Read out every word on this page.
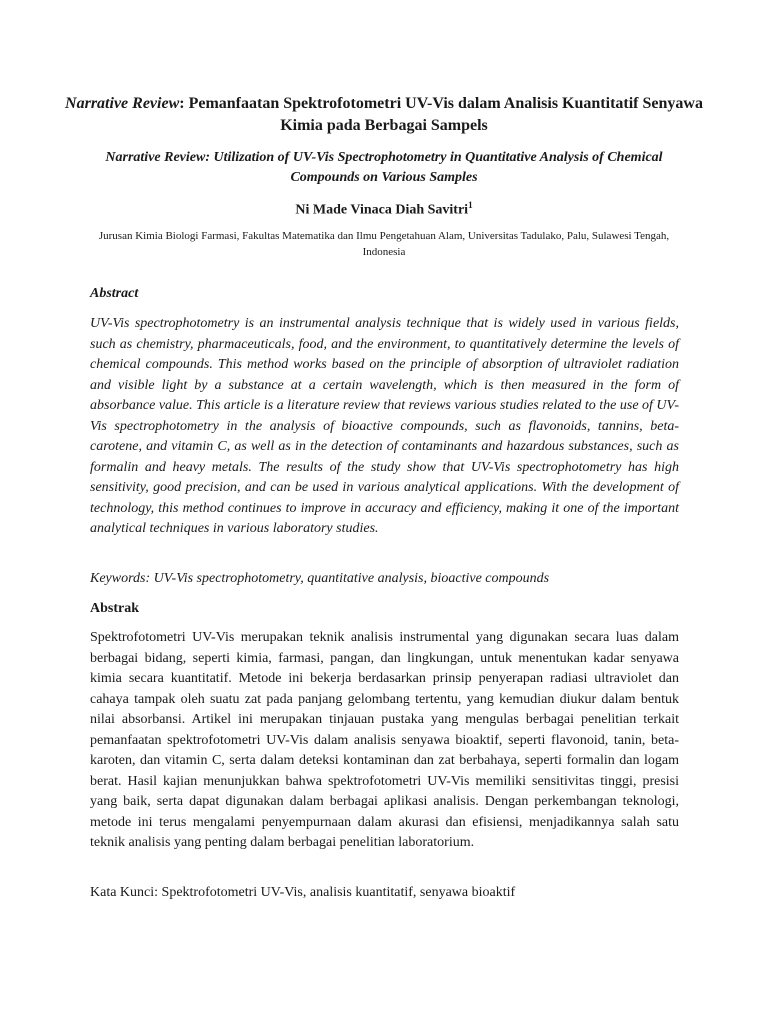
Narrative Review: Pemanfaatan Spektrofotometri UV-Vis dalam Analisis Kuantitatif Senyawa Kimia pada Berbagai Sampels
Narrative Review: Utilization of UV-Vis Spectrophotometry in Quantitative Analysis of Chemical Compounds on Various Samples
Ni Made Vinaca Diah Savitri$^1$
Jurusan Kimia Biologi Farmasi, Fakultas Matematika dan Ilmu Pengetahuan Alam, Universitas Tadulako, Palu, Sulawesi Tengah, Indonesia
Abstract

UV-Vis spectrophotometry is an instrumental analysis technique that is widely used in various fields, such as chemistry, pharmaceuticals, food, and the environment, to quantitatively determine the levels of chemical compounds. This method works based on the principle of absorption of ultraviolet radiation and visible light by a substance at a certain wavelength, which is then measured in the form of absorbance value. This article is a literature review that reviews various studies related to the use of UV-Vis spectrophotometry in the analysis of bioactive compounds, such as flavonoids, tannins, beta-carotene, and vitamin C, as well as in the detection of contaminants and hazardous substances, such as formalin and heavy metals. The results of the study show that UV-Vis spectrophotometry has high sensitivity, good precision, and can be used in various analytical applications. With the development of technology, this method continues to improve in accuracy and efficiency, making it one of the important analytical techniques in various laboratory studies.

Keywords: UV-Vis spectrophotometry, quantitative analysis, bioactive compounds

Abstrak

Spektrofotometri UV-Vis merupakan teknik analisis instrumental yang digunakan secara luas dalam berbagai bidang, seperti kimia, farmasi, pangan, dan lingkungan, untuk menentukan kadar senyawa kimia secara kuantitatif. Metode ini bekerja berdasarkan prinsip penyerapan radiasi ultraviolet dan cahaya tampak oleh suatu zat pada panjang gelombang tertentu, yang kemudian diukur dalam bentuk nilai absorbansi. Artikel ini merupakan tinjauan pustaka yang mengulas berbagai penelitian terkait pemanfaatan spektrofotometri UV-Vis dalam analisis senyawa bioaktif, seperti flavonoid, tanin, beta-karoten, dan vitamin C, serta dalam deteksi kontaminan dan zat berbahaya, seperti formalin dan logam berat. Hasil kajian menunjukkan bahwa spektrofotometri UV-Vis memiliki sensitivitas tinggi, presisi yang baik, serta dapat digunakan dalam berbagai aplikasi analisis. Dengan perkembangan teknologi, metode ini terus mengalami penyempurnaan dalam akurasi dan efisiensi, menjadikannya salah satu teknik analisis yang penting dalam berbagai penelitian laboratorium.

Kata Kunci: Spektrofotometri UV-Vis, analisis kuantitatif, senyawa bioaktif
